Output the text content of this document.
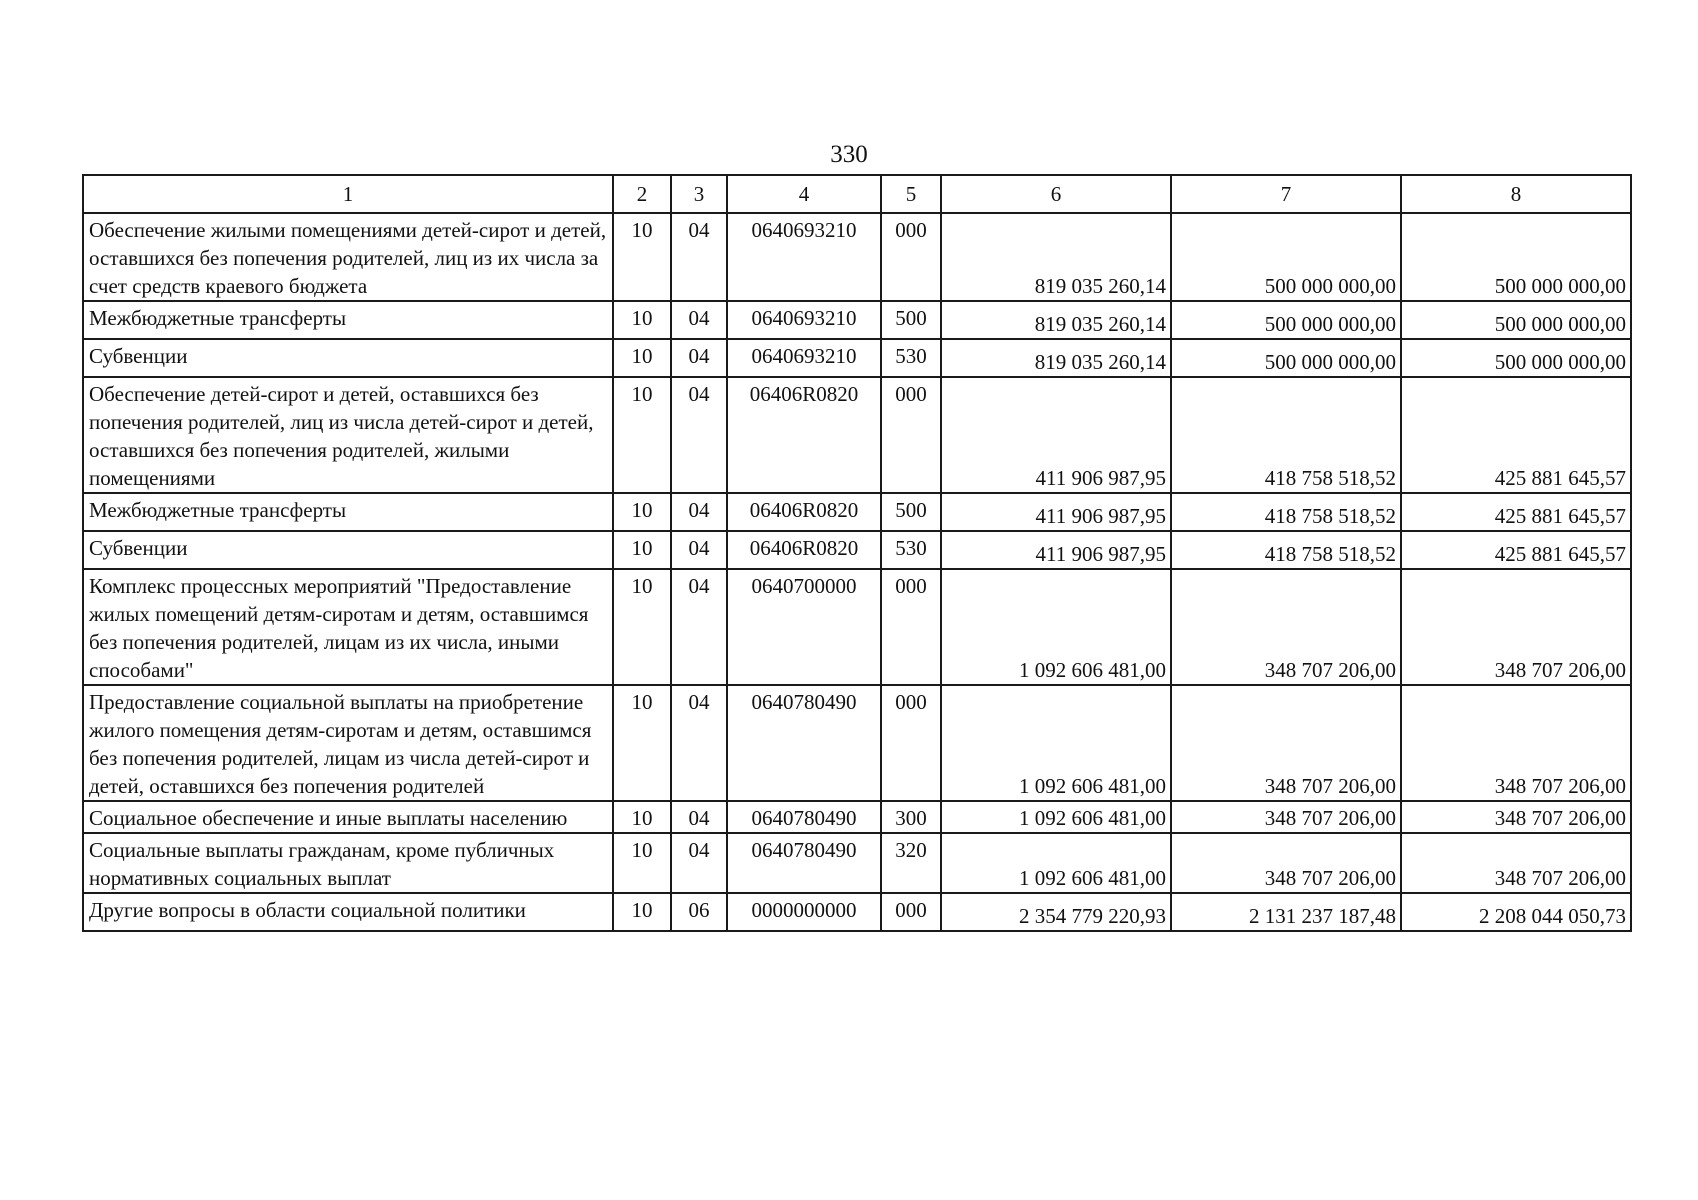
330
1	2	3	4	5	6	7	8
Обеспечение жилыми помещениями детей-сирот и детей, оставшихся без попечения родителей, лиц из их числа за счет средств краевого бюджета	10	04	0640693210	000	819 035 260,14	500 000 000,00	500 000 000,00
Межбюджетные трансферты	10	04	0640693210	500	819 035 260,14	500 000 000,00	500 000 000,00
Субвенции	10	04	0640693210	530	819 035 260,14	500 000 000,00	500 000 000,00
Обеспечение детей-сирот и детей, оставшихся без попечения родителей, лиц из числа детей-сирот и детей, оставшихся без попечения родителей, жилыми помещениями	10	04	06406R0820	000	411 906 987,95	418 758 518,52	425 881 645,57
Межбюджетные трансферты	10	04	06406R0820	500	411 906 987,95	418 758 518,52	425 881 645,57
Субвенции	10	04	06406R0820	530	411 906 987,95	418 758 518,52	425 881 645,57
Комплекс процессных мероприятий "Предоставление жилых помещений детям-сиротам и детям, оставшимся без попечения родителей, лицам из их числа, иными способами"	10	04	0640700000	000	1 092 606 481,00	348 707 206,00	348 707 206,00
Предоставление социальной выплаты на приобретение жилого помещения детям-сиротам и детям, оставшимся без попечения родителей, лицам из числа детей-сирот и детей, оставшихся без попечения родителей	10	04	0640780490	000	1 092 606 481,00	348 707 206,00	348 707 206,00
Социальное обеспечение и иные выплаты населению	10	04	0640780490	300	1 092 606 481,00	348 707 206,00	348 707 206,00
Социальные выплаты гражданам, кроме публичных нормативных социальных выплат	10	04	0640780490	320	1 092 606 481,00	348 707 206,00	348 707 206,00
Другие вопросы в области социальной политики	10	06	0000000000	000	2 354 779 220,93	2 131 237 187,48	2 208 044 050,73
